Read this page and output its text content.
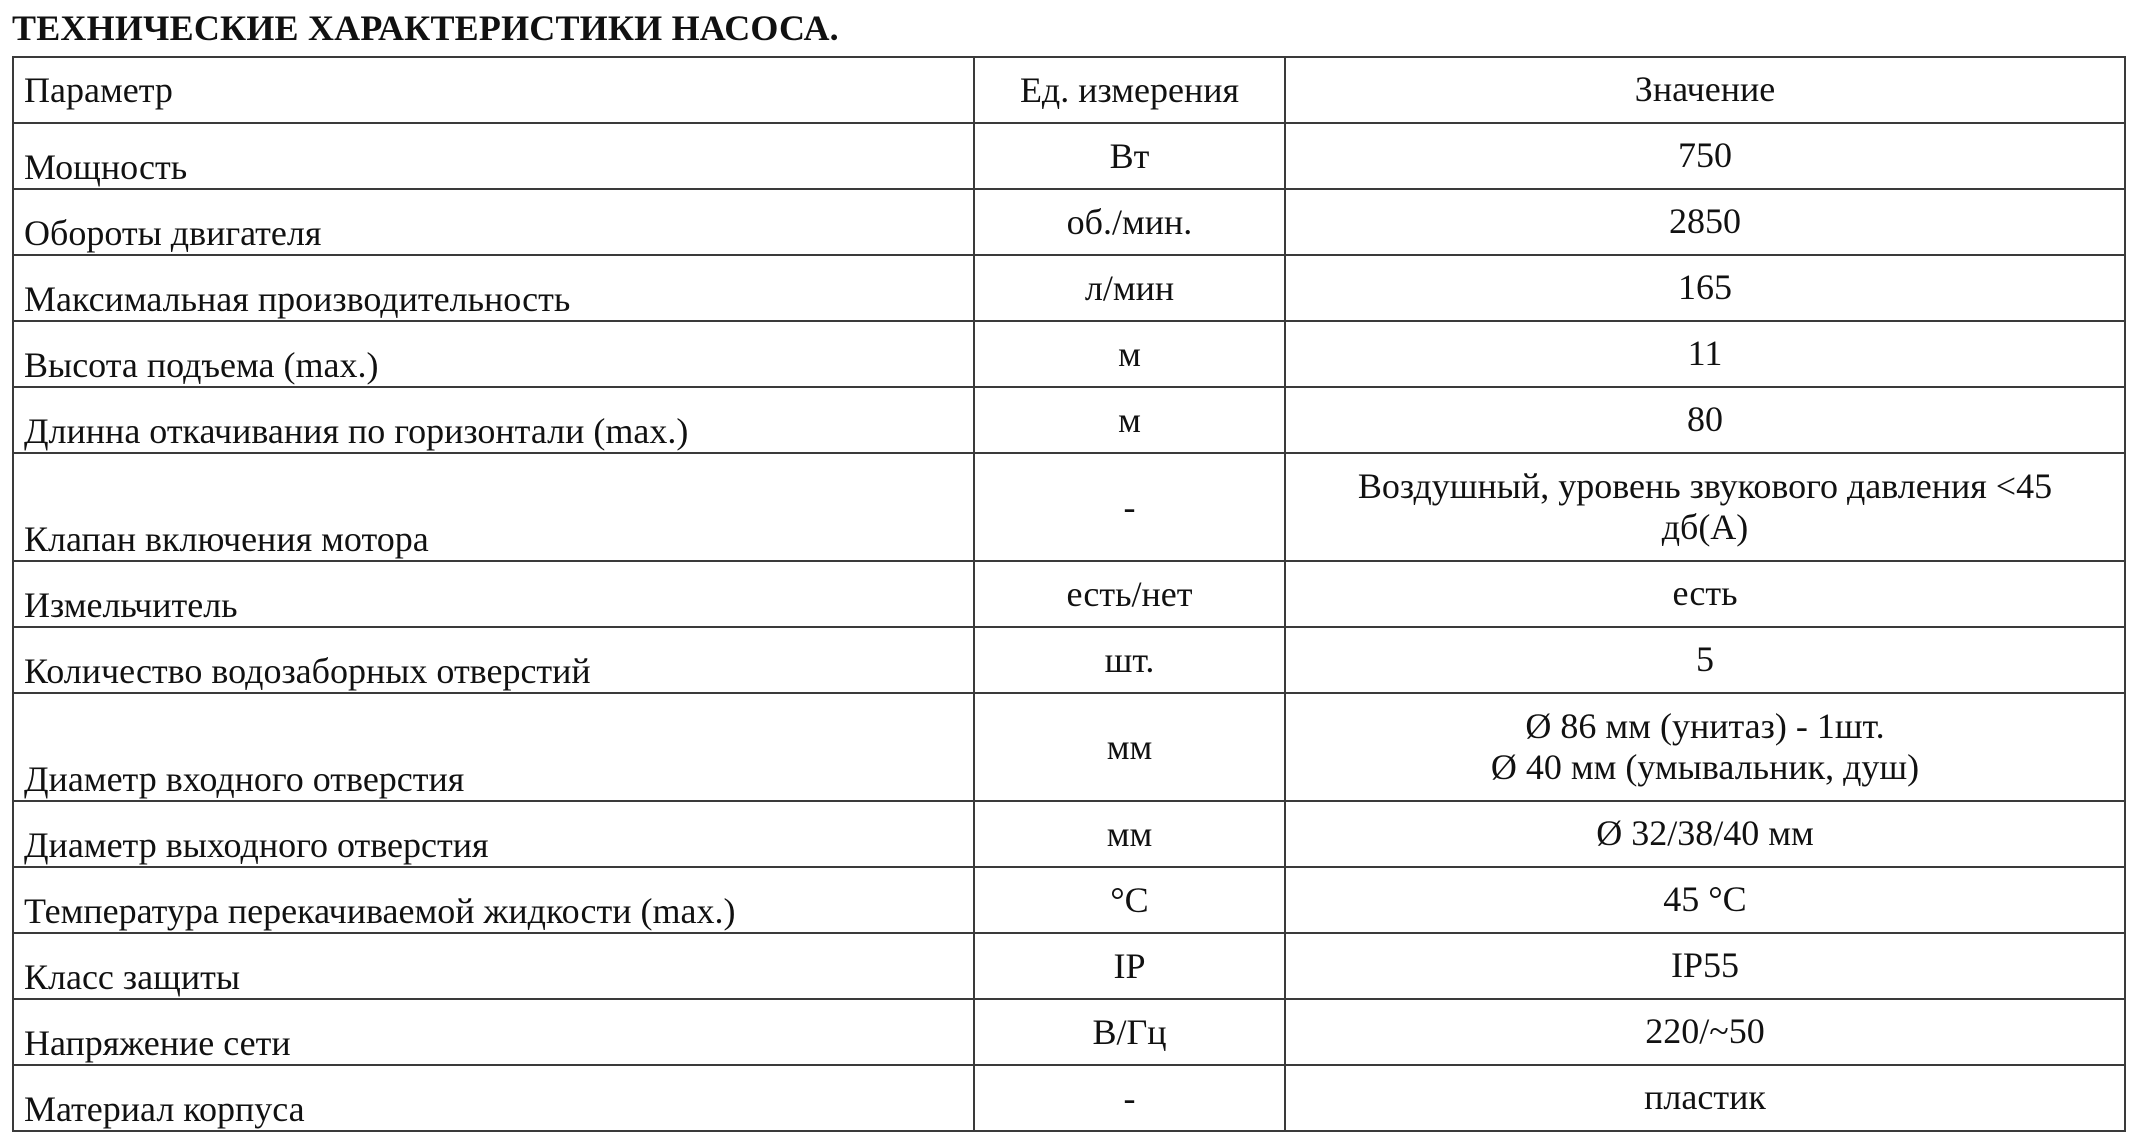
ТЕХНИЧЕСКИЕ ХАРАКТЕРИСТИКИ НАСОСА.
Параметр	Ед. измерения	Значение
Мощность	Вт	750
Обороты двигателя	об./мин.	2850
Максимальная производительность	л/мин	165
Высота подъема (max.)	м	11
Длинна откачивания по горизонтали (max.)	м	80
Клапан включения мотора	-	Воздушный, уровень звукового давления <45
дб(А)

Измельчитель	есть/нет	есть
Количество водозаборных отверстий	шт.	5
Диаметр входного отверстия	мм	Ø 86 мм (унитаз) - 1шт.
Ø 40 мм (умывальник, душ)

Диаметр выходного отверстия	мм	Ø 32/38/40 мм
Температура перекачиваемой жидкости (max.)	°C	45 °C
Класс защиты	IP	IP55
Напряжение сети	В/Гц	220/~50
Материал корпуса	-	пластик
